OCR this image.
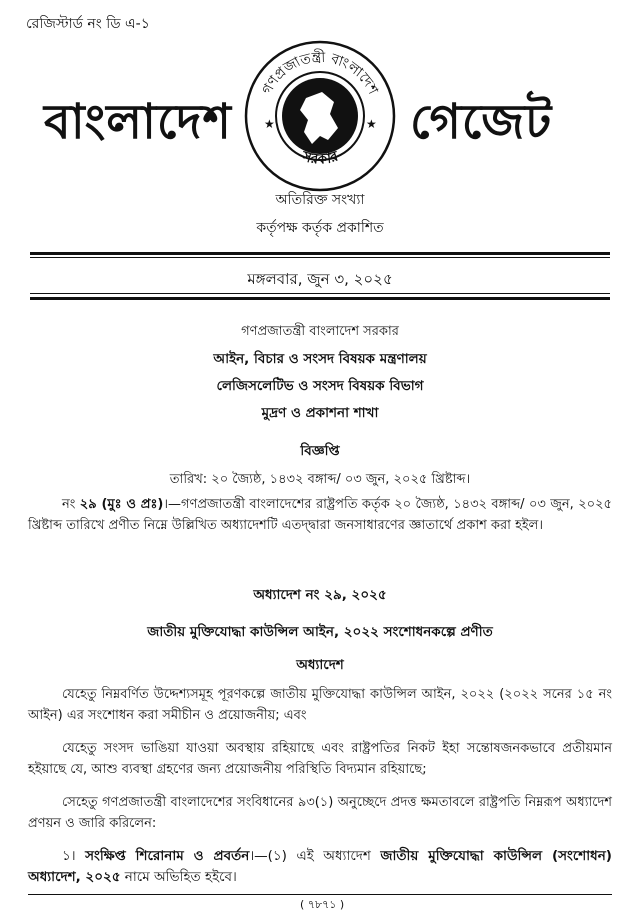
রেজিস্টার্ড নং ডি এ-১
বাংলাদেশ
গণপ্রজাতন্ত্রী বাংলাদেশ
সরকার
★	★ গেজেট
অতিরিক্ত সংখ্যা
কর্তৃপক্ষ কর্তৃক প্রকাশিত
মঙ্গলবার, জুন ৩, ২০২৫
গণপ্রজাতন্ত্রী বাংলাদেশ সরকার
আইন, বিচার ও সংসদ বিষয়ক মন্ত্রণালয়
লেজিসলেটিভ ও সংসদ বিষয়ক বিভাগ
মুদ্রণ ও প্রকাশনা শাখা
বিজ্ঞপ্তি
তারিখ: ২০ জ্যৈষ্ঠ, ১৪৩২ বঙ্গাব্দ/ ০৩ জুন, ২০২৫ খ্রিষ্টাব্দ।
নং ২৯ (মুঃ ও প্রঃ)।—গণপ্রজাতন্ত্রী বাংলাদেশের রাষ্ট্রপতি কর্তৃক ২০ জ্যৈষ্ঠ, ১৪৩২ বঙ্গাব্দ/ ০৩ জুন, ২০২৫ খ্রিষ্টাব্দ তারিখে প্রণীত নিম্নে উল্লিখিত অধ্যাদেশটি এতদ্দ্বারা জনসাধারণের জ্ঞাতার্থে প্রকাশ করা হইল।
অধ্যাদেশ নং ২৯, ২০২৫
জাতীয় মুক্তিযোদ্ধা কাউন্সিল আইন, ২০২২ সংশোধনকল্পে প্রণীত
অধ্যাদেশ
যেহেতু নিম্নবর্ণিত উদ্দেশ্যসমূহ পূরণকল্পে জাতীয় মুক্তিযোদ্ধা কাউন্সিল আইন, ২০২২ (২০২২ সনের ১৫ নং আইন) এর সংশোধন করা সমীচীন ও প্রয়োজনীয়; এবং
যেহেতু সংসদ ভাঙিয়া যাওয়া অবস্থায় রহিয়াছে এবং রাষ্ট্রপতির নিকট ইহা সন্তোষজনকভাবে প্রতীয়মান হইয়াছে যে, আশু ব্যবস্থা গ্রহণের জন্য প্রয়োজনীয় পরিস্থিতি বিদ্যমান রহিয়াছে;
সেহেতু গণপ্রজাতন্ত্রী বাংলাদেশের সংবিধানের ৯৩(১) অনুচ্ছেদে প্রদত্ত ক্ষমতাবলে রাষ্ট্রপতি নিম্নরূপ অধ্যাদেশ প্রণয়ন ও জারি করিলেন:
১। সংক্ষিপ্ত শিরোনাম ও প্রবর্তন।—(১) এই অধ্যাদেশ জাতীয় মুক্তিযোদ্ধা কাউন্সিল (সংশোধন) অধ্যাদেশ, ২০২৫ নামে অভিহিত হইবে।
( ৭৮৭১ )
